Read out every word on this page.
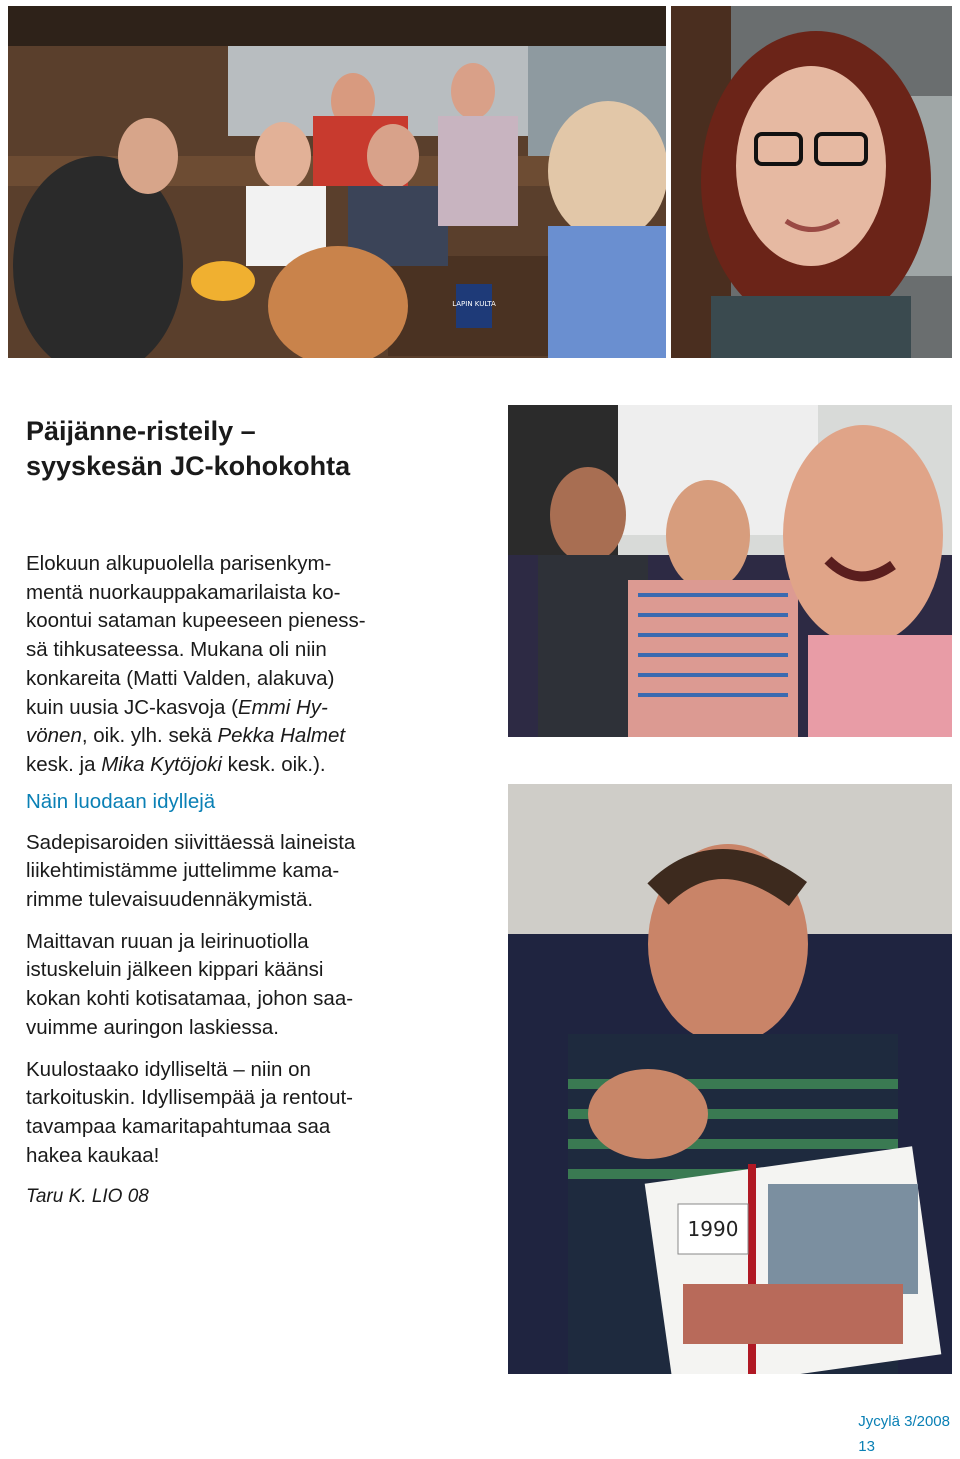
LAPIN KULTA
1990
Päijänne-risteily –
syyskesän JC-kohokohta
Elokuun alkupuolella parisenkym-
mentä nuorkauppakamarilaista ko-
koontui sataman kupeeseen pieness-
sä tihkusateessa. Mukana oli niin
konkareita (Matti Valden, alakuva)
kuin uusia JC-kasvoja (Emmi Hy-
vönen, oik. ylh. sekä Pekka Halmet
kesk. ja Mika Kytöjoki kesk. oik.).
Näin luodaan idyllejä
Sadepisaroiden siivittäessä laineista
liikehtimistämme juttelimme kama-
rimme tulevaisuudennäkymistä.
Maittavan ruuan ja leirinuotiolla
istuskeluin jälkeen kippari käänsi
kokan kohti kotisatamaa, johon saa-
vuimme auringon laskiessa.
Kuulostaako idylliseltä – niin on
tarkoituskin. Idyllisempää ja rentout-
tavampaa kamaritapahtumaa saa
hakea kaukaa!
Taru K. LIO 08
Jycylä 3/2008
13
